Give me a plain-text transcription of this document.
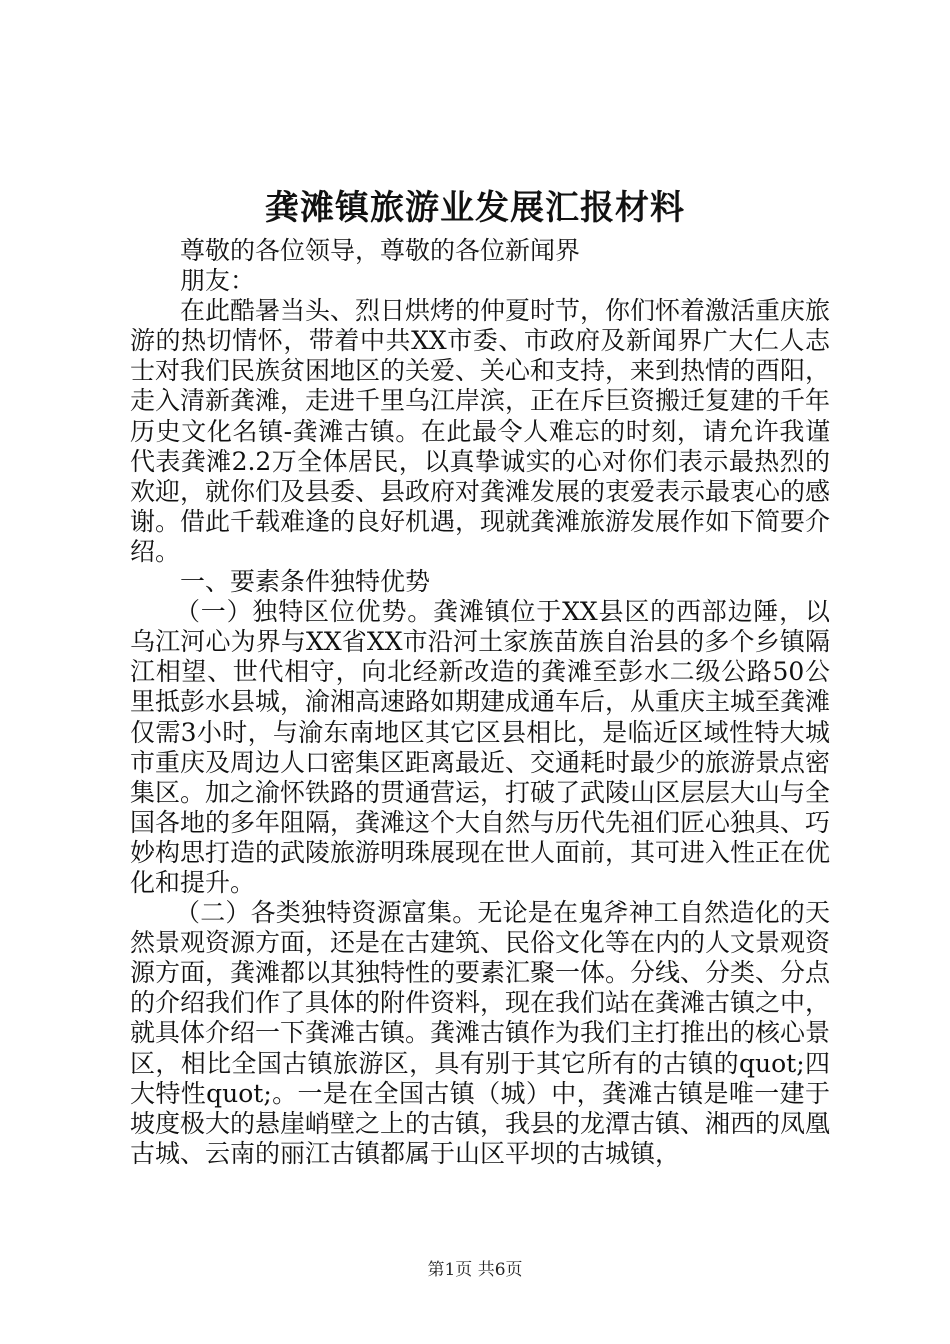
龚滩镇旅游业发展汇报材料

尊敬的各位领导，尊敬的各位新闻界

朋友：

在此酷暑当头、烈日烘烤的仲夏时节，你们怀着激活重庆旅游的热切情怀，带着中共XX市委、市政府及新闻界广大仁人志士对我们民族贫困地区的关爱、关心和支持，来到热情的酉阳，走入清新龚滩，走进千里乌江岸滨，正在斥巨资搬迁复建的千年历史文化名镇-龚滩古镇。在此最令人难忘的时刻，请允许我谨代表龚滩2.2万全体居民，以真挚诚实的心对你们表示最热烈的欢迎，就你们及县委、县政府对龚滩发展的衷爱表示最衷心的感谢。借此千载难逢的良好机遇，现就龚滩旅游发展作如下简要介绍。

一、要素条件独特优势

（一）独特区位优势。龚滩镇位于XX县区的西部边陲，以乌江河心为界与XX省XX市沿河土家族苗族自治县的多个乡镇隔江相望、世代相守，向北经新改造的龚滩至彭水二级公路50公里抵彭水县城，渝湘高速路如期建成通车后，从重庆主城至龚滩仅需3小时，与渝东南地区其它区县相比，是临近区域性特大城市重庆及周边人口密集区距离最近、交通耗时最少的旅游景点密集区。加之渝怀铁路的贯通营运，打破了武陵山区层层大山与全国各地的多年阻隔，龚滩这个大自然与历代先祖们匠心独具、巧妙构思打造的武陵旅游明珠展现在世人面前，其可进入性正在优化和提升。

（二）各类独特资源富集。无论是在鬼斧神工自然造化的天然景观资源方面，还是在古建筑、民俗文化等在内的人文景观资源方面，龚滩都以其独特性的要素汇聚一体。分线、分类、分点的介绍我们作了具体的附件资料，现在我们站在龚滩古镇之中，就具体介绍一下龚滩古镇。龚滩古镇作为我们主打推出的核心景区，相比全国古镇旅游区，具有别于其它所有的古镇的quot;四大特性quot;。一是在全国古镇（城）中，龚滩古镇是唯一建于坡度极大的悬崖峭壁之上的古镇，我县的龙潭古镇、湘西的凤凰古城、云南的丽江古镇都属于山区平坝的古城镇，

第1页 共6页
